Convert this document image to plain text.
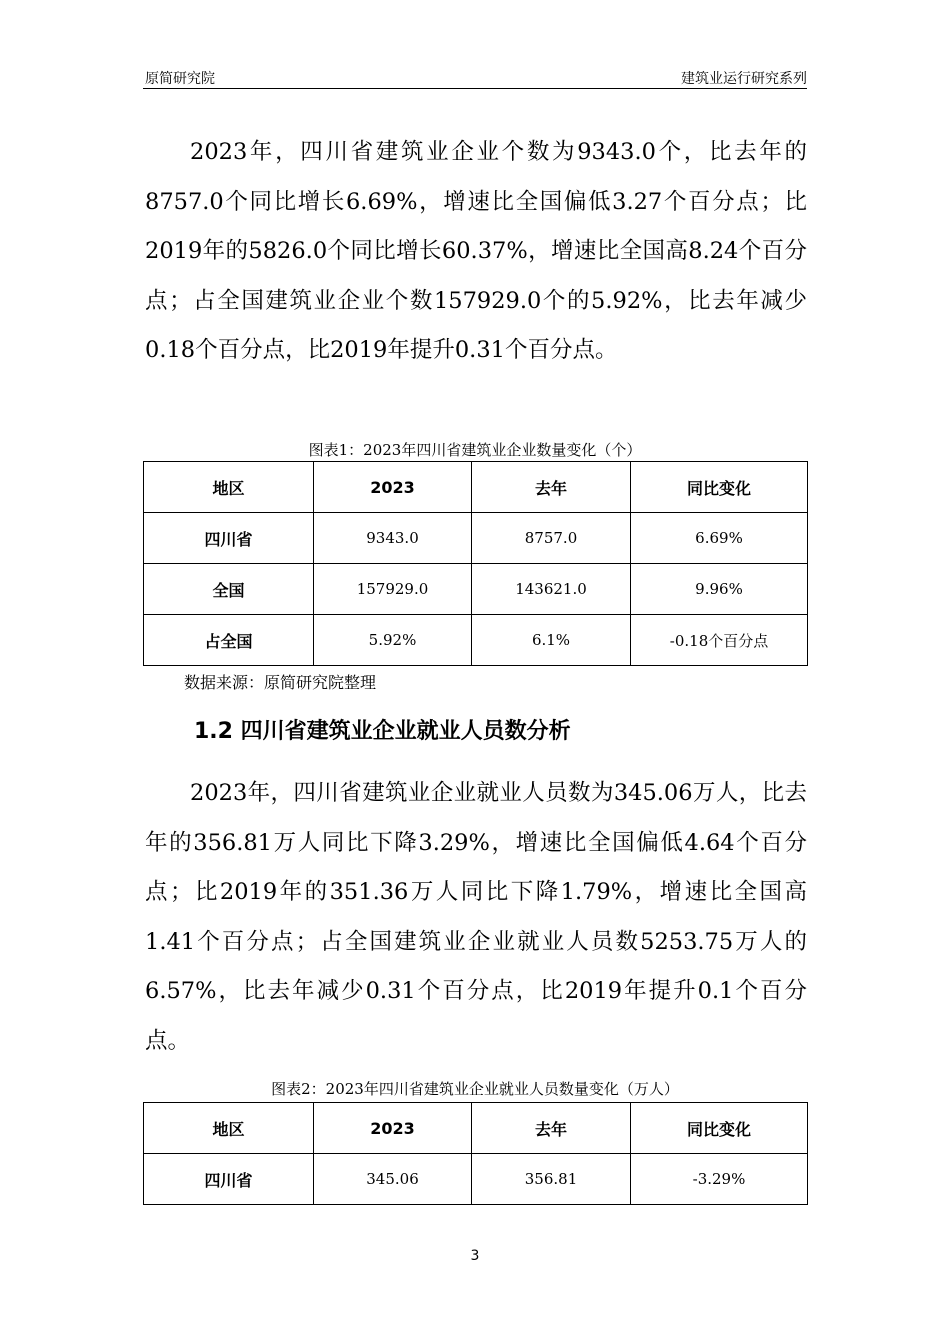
原简研究院	建筑业运行研究系列

2023年，四川省建筑业企业个数为9343.0个，比去年的8757.0个同比增长6.69%，增速比全国偏低3.27个百分点；比2019年的5826.0个同比增长60.37%，增速比全国高8.24个百分点；占全国建筑业企业个数157929.0个的5.92%，比去年减少0.18个百分点，比2019年提升0.31个百分点。

图表1：2023年四川省建筑业企业数量变化（个）
地区	2023	去年	同比变化
四川省	9343.0	8757.0	6.69%
全国	157929.0	143621.0	9.96%
占全国	5.92%	6.1%	-0.18个百分点
数据来源：原简研究院整理
1.2 四川省建筑业企业就业人员数分析

2023年，四川省建筑业企业就业人员数为345.06万人，比去年的356.81万人同比下降3.29%，增速比全国偏低4.64个百分点；比2019年的351.36万人同比下降1.79%，增速比全国高1.41个百分点；占全国建筑业企业就业人员数5253.75万人的6.57%，比去年减少0.31个百分点，比2019年提升0.1个百分点。

图表2：2023年四川省建筑业企业就业人员数量变化（万人）
地区	2023	去年	同比变化
四川省	345.06	356.81	-3.29%
3
